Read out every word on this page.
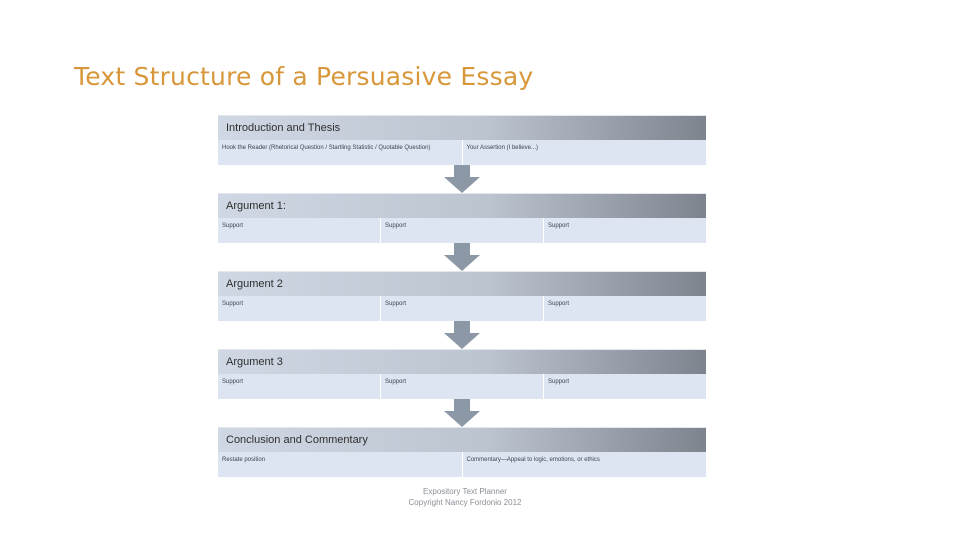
Text Structure of a Persuasive Essay
Introduction and Thesis
Hook the Reader (Rhetorical Question / Startling Statistic / Quotable Question)	Your Assertion (I believe...)
Argument 1:
Support	Support	Support
Argument 2
Support	Support	Support
Argument 3
Support	Support	Support
Conclusion and Commentary
Restate position	Commentary—Appeal to logic, emotions, or ethics
Expository Text Planner
Copyright Nancy Fordonio 2012
